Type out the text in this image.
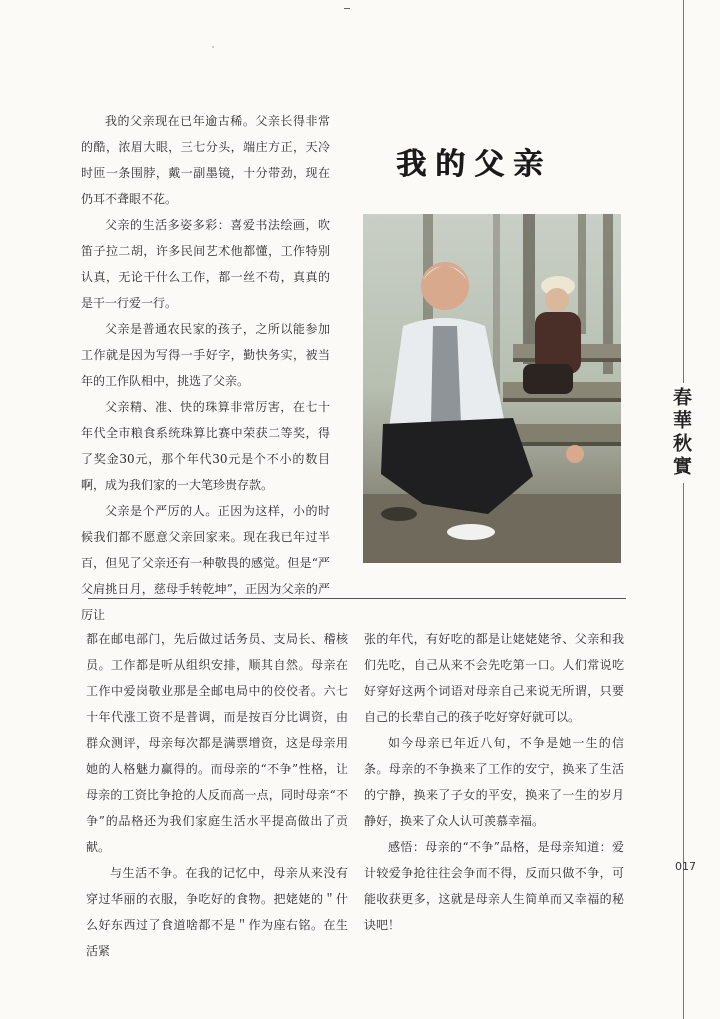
我的父亲现在已年逾古稀。父亲长得非常的酷，浓眉大眼，三七分头，端庄方正，天冷时匝一条围脖，戴一副墨镜，十分带劲，现在仍耳不聋眼不花。

父亲的生活多姿多彩：喜爱书法绘画，吹笛子拉二胡，许多民间艺术他都懂，工作特别认真，无论干什么工作，都一丝不苟，真真的是干一行爱一行。

父亲是普通农民家的孩子，之所以能参加工作就是因为写得一手好字，勤快务实，被当年的工作队相中，挑选了父亲。

父亲精、准、快的珠算非常厉害，在七十年代全市粮食系统珠算比赛中荣获二等奖，得了奖金30元，那个年代30元是个不小的数目啊，成为我们家的一大笔珍贵存款。

父亲是个严厉的人。正因为这样，小的时候我们都不愿意父亲回家来。现在我已年过半百，但见了父亲还有一种敬畏的感觉。但是“严父肩挑日月，慈母手转乾坤”，正因为父亲的严厉让

我的父亲

都在邮电部门，先后做过话务员、支局长、稽核员。工作都是听从组织安排，顺其自然。母亲在工作中爱岗敬业那是全邮电局中的佼佼者。六七十年代涨工资不是普调，而是按百分比调资，由群众测评，母亲每次都是满票增资，这是母亲用她的人格魅力赢得的。而母亲的“不争”性格，让母亲的工资比争抢的人反而高一点，同时母亲“不争”的品格还为我们家庭生活水平提高做出了贡献。

与生活不争。在我的记忆中，母亲从来没有穿过华丽的衣服，争吃好的食物。把姥姥的＂什么好东西过了食道啥都不是＂作为座右铭。在生活紧

张的年代，有好吃的都是让姥姥姥爷、父亲和我们先吃，自己从来不会先吃第一口。人们常说吃好穿好这两个词语对母亲自己来说无所谓，只要自己的长辈自己的孩子吃好穿好就可以。

如今母亲已年近八旬，不争是她一生的信条。母亲的不争换来了工作的安宁，换来了生活的宁静，换来了子女的平安，换来了一生的岁月静好，换来了众人认可羡慕幸福。

感悟：母亲的“不争”品格，是母亲知道：爱计较爱争抢往往会争而不得，反而只做不争，可能收获更多，这就是母亲人生简单而又幸福的秘诀吧！

春華秋實
017
